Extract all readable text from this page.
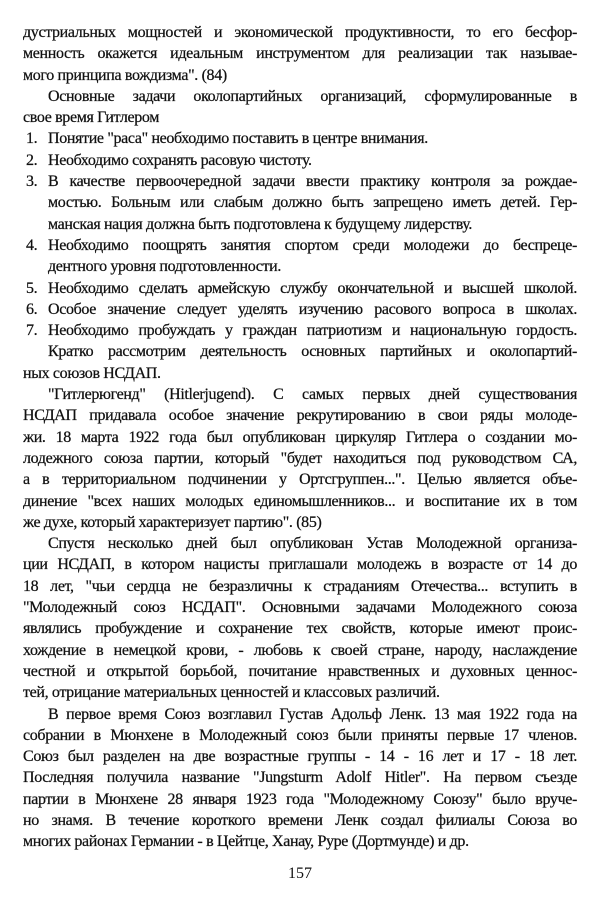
дустриальных мощностей и экономической продуктивности, то его бесфор-
менность окажется идеальным инструментом для реализации так называе-
мого принципа вождизма". (84)
Основные задачи околопартийных организаций, сформулированные в
свое время Гитлером
1. Понятие "раса" необходимо поставить в центре внимания.
2. Необходимо сохранять расовую чистоту.
3. В качестве первоочередной задачи ввести практику контроля за рождае-
мостью. Больным или слабым должно быть запрещено иметь детей. Гер-
манская нация должна быть подготовлена к будущему лидерству.
4. Необходимо поощрять занятия спортом среди молодежи до беспреце-
дентного уровня подготовленности.
5. Необходимо сделать армейскую службу окончательной и высшей школой.
6. Особое значение следует уделять изучению расового вопроса в школах.
7. Необходимо пробуждать у граждан патриотизм и национальную гордость.
Кратко рассмотрим деятельность основных партийных и околопартий-
ных союзов НСДАП.
"Гитлерюгенд" (Hitlerjugend). С самых первых дней существования
НСДАП придавала особое значение рекрутированию в свои ряды молоде-
жи. 18 марта 1922 года был опубликован циркуляр Гитлера о создании мо-
лодежного союза партии, который "будет находиться под руководством СА,
а в территориальном подчинении у Ортсгруппен...". Целью является объе-
динение "всех наших молодых единомышленников... и воспитание их в том
же духе, который характеризует партию". (85)
Спустя несколько дней был опубликован Устав Молодежной организа-
ции НСДАП, в котором нацисты приглашали молодежь в возрасте от 14 до
18 лет, "чьи сердца не безразличны к страданиям Отечества... вступить в
"Молодежный союз НСДАП". Основными задачами Молодежного союза
являлись пробуждение и сохранение тех свойств, которые имеют проис-
хождение в немецкой крови, - любовь к своей стране, народу, наслаждение
честной и открытой борьбой, почитание нравственных и духовных ценнос-
тей, отрицание материальных ценностей и классовых различий.
В первое время Союз возглавил Густав Адольф Ленк. 13 мая 1922 года на
собрании в Мюнхене в Молодежный союз были приняты первые 17 членов.
Союз был разделен на две возрастные группы - 14 - 16 лет и 17 - 18 лет.
Последняя получила название "Jungsturm Adolf Hitler". На первом съезде
партии в Мюнхене 28 января 1923 года "Молодежному Союзу" было вруче-
но знамя. В течение короткого времени Ленк создал филиалы Союза во
многих районах Германии - в Цейтце, Ханау, Руре (Дортмунде) и др.
157
